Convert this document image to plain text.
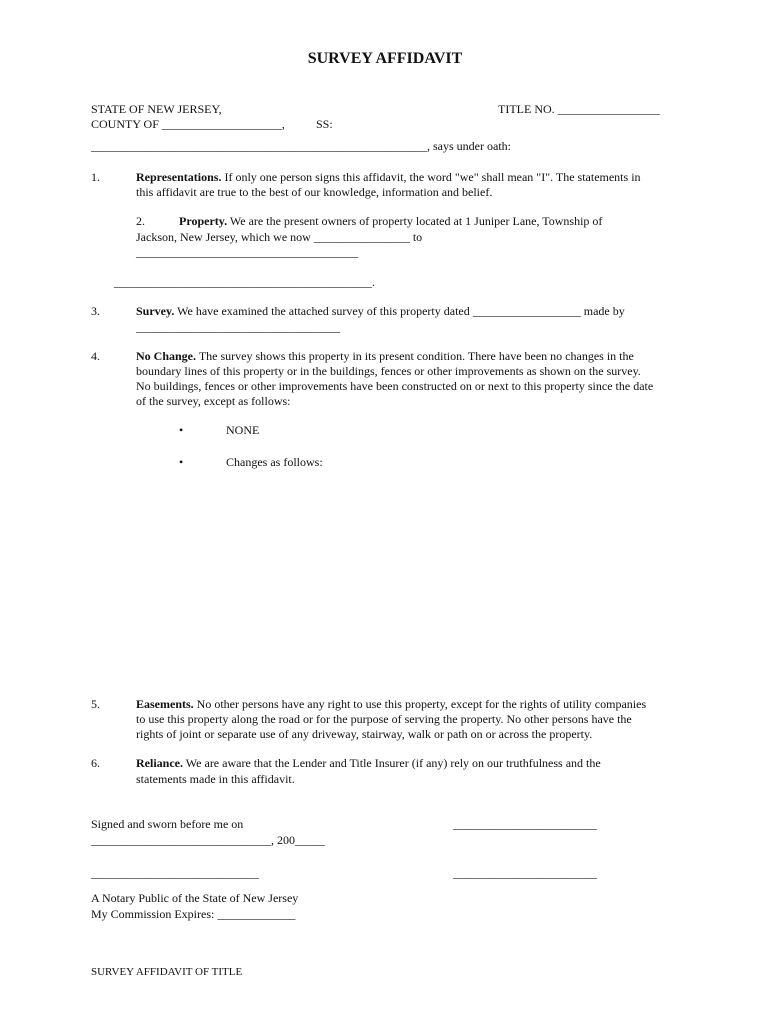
SURVEY AFFIDAVIT
STATE OF NEW JERSEY,	TITLE NO. _________________
COUNTY OF ____________________,	SS:
________________________________________________________, says under oath:
1.	Representations. If only one person signs this affidavit, the word "we" shall mean "I". The statements in
this affidavit are true to the best of our knowledge, information and belief.
2.	Property. We are the present owners of property located at 1 Juniper Lane, Township of
Jackson, New Jersey, which we now ________________ to
_____________________________________
___________________________________________.
3.	Survey. We have examined the attached survey of this property dated __________________ made by
__________________________________
4.	No Change. The survey shows this property in its present condition. There have been no changes in the
boundary lines of this property or in the buildings, fences or other improvements as shown on the survey.
No buildings, fences or other improvements have been constructed on or next to this property since the date
of the survey, except as follows:
•	NONE
•	Changes as follows:
5.	Easements. No other persons have any right to use this property, except for the rights of utility companies
to use this property along the road or for the purpose of serving the property. No other persons have the
rights of joint or separate use of any driveway, stairway, walk or path on or across the property.
6.	Reliance. We are aware that the Lender and Title Insurer (if any) rely on our truthfulness and the
statements made in this affidavit.
Signed and sworn before me on	________________________
______________________________, 200_____
____________________________	________________________
A Notary Public of the State of New Jersey
My Commission Expires: _____________
SURVEY AFFIDAVIT OF TITLE
